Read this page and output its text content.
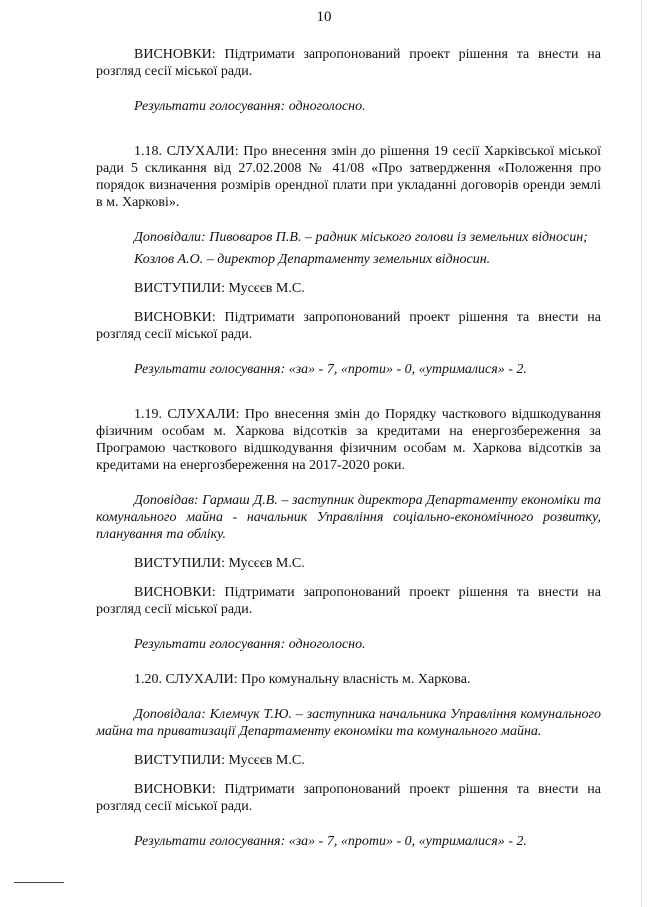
10

ВИСНОВКИ: Підтримати запропонований проект рішення та внести на розгляд сесії міської ради.

Результати голосування: одноголосно.

1.18. СЛУХАЛИ: Про внесення змін до рішення 19 сесії Харківської міської ради 5 скликання від 27.02.2008 № 41/08 «Про затвердження «Положення про порядок визначення розмірів орендної плати при укладанні договорів оренди землі в м. Харкові».

Доповідали: Пивоваров П.В. – радник міського голови із земельних відносин;

Козлов А.О. – директор Департаменту земельних відносин.

ВИСТУПИЛИ: Мусєєв М.С.

ВИСНОВКИ: Підтримати запропонований проект рішення та внести на розгляд сесії міської ради.

Результати голосування: «за» - 7, «проти» - 0, «утрималися» - 2.

1.19. СЛУХАЛИ: Про внесення змін до Порядку часткового відшкодування фізичним особам м. Харкова відсотків за кредитами на енергозбереження за Програмою часткового відшкодування фізичним особам м. Харкова відсотків за кредитами на енергозбереження на 2017-2020 роки.

Доповідав: Гармаш Д.В. – заступник директора Департаменту економіки та комунального майна - начальник Управління соціально-економічного розвитку, планування та обліку.

ВИСТУПИЛИ: Мусєєв М.С.

ВИСНОВКИ: Підтримати запропонований проект рішення та внести на розгляд сесії міської ради.

Результати голосування: одноголосно.

1.20. СЛУХАЛИ: Про комунальну власність м. Харкова.

Доповідала: Клемчук Т.Ю. – заступника начальника Управління комунального майна та приватизації Департаменту економіки та комунального майна.

ВИСТУПИЛИ: Мусєєв М.С.

ВИСНОВКИ: Підтримати запропонований проект рішення та внести на розгляд сесії міської ради.

Результати голосування: «за» - 7, «проти» - 0, «утрималися» - 2.
